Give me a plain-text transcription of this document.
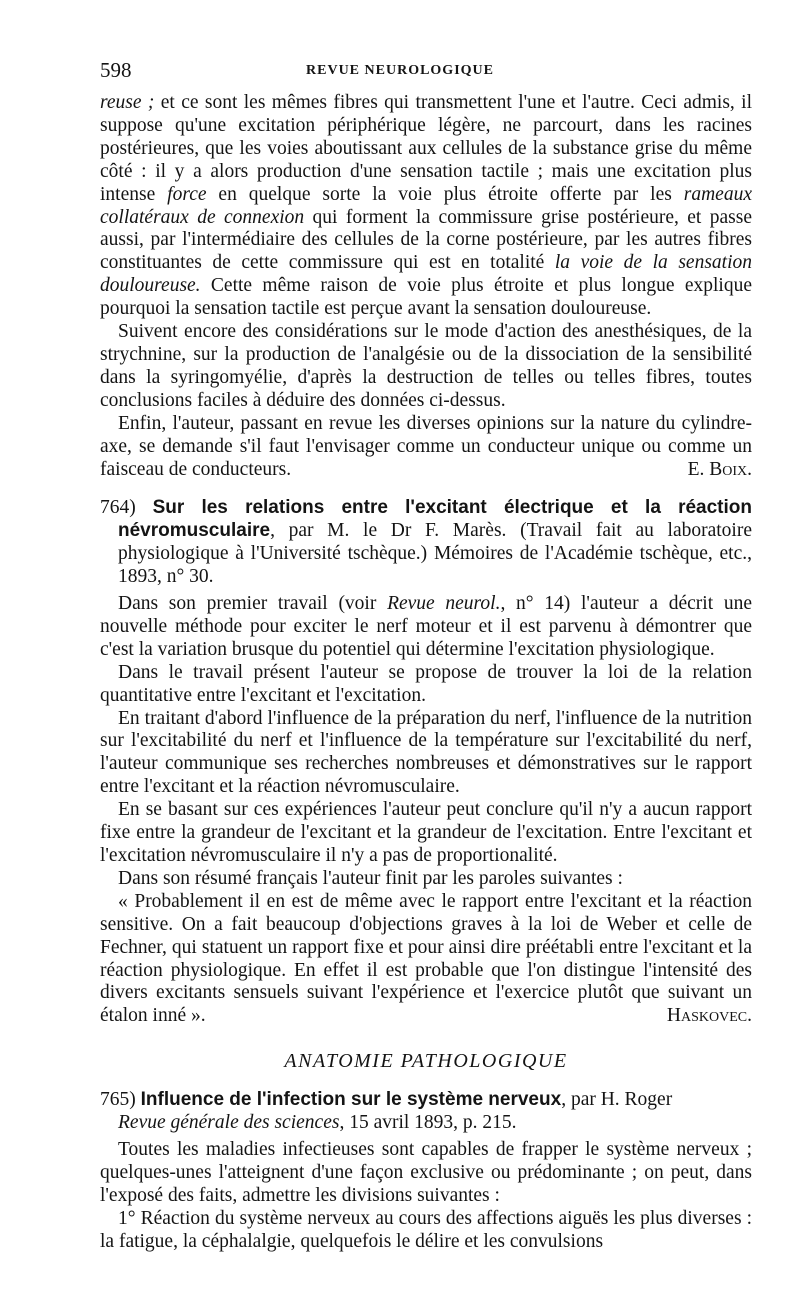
598	REVUE NEUROLOGIQUE

reuse ; et ce sont les mêmes fibres qui transmettent l'une et l'autre. Ceci admis, il suppose qu'une excitation périphérique légère, ne parcourt, dans les racines postérieures, que les voies aboutissant aux cellules de la substance grise du même côté : il y a alors production d'une sensation tactile ; mais une excitation plus intense force en quelque sorte la voie plus étroite offerte par les rameaux collatéraux de connexion qui forment la commissure grise postérieure, et passe aussi, par l'intermédiaire des cellules de la corne postérieure, par les autres fibres constituantes de cette commissure qui est en totalité la voie de la sensation douloureuse. Cette même raison de voie plus étroite et plus longue explique pourquoi la sensation tactile est perçue avant la sensation douloureuse.

Suivent encore des considérations sur le mode d'action des anesthésiques, de la strychnine, sur la production de l'analgésie ou de la dissociation de la sensibilité dans la syringomyélie, d'après la destruction de telles ou telles fibres, toutes conclusions faciles à déduire des données ci-dessus.

Enfin, l'auteur, passant en revue les diverses opinions sur la nature du cylindre-axe, se demande s'il faut l'envisager comme un conducteur unique ou comme un faisceau de conducteurs.	E. Boix.

764) Sur les relations entre l'excitant électrique et la réaction névromusculaire, par M. le Dr F. Marès. (Travail fait au laboratoire physiologique à l'Université tschèque.) Mémoires de l'Académie tschèque, etc., 1893, n° 30.

Dans son premier travail (voir Revue neurol., n° 14) l'auteur a décrit une nouvelle méthode pour exciter le nerf moteur et il est parvenu à démontrer que c'est la variation brusque du potentiel qui détermine l'excitation physiologique.

Dans le travail présent l'auteur se propose de trouver la loi de la relation quantitative entre l'excitant et l'excitation.

En traitant d'abord l'influence de la préparation du nerf, l'influence de la nutrition sur l'excitabilité du nerf et l'influence de la température sur l'excitabilité du nerf, l'auteur communique ses recherches nombreuses et démonstratives sur le rapport entre l'excitant et la réaction névromusculaire.

En se basant sur ces expériences l'auteur peut conclure qu'il n'y a aucun rapport fixe entre la grandeur de l'excitant et la grandeur de l'excitation. Entre l'excitant et l'excitation névromusculaire il n'y a pas de proportionalité.

Dans son résumé français l'auteur finit par les paroles suivantes :

« Probablement il en est de même avec le rapport entre l'excitant et la réaction sensitive. On a fait beaucoup d'objections graves à la loi de Weber et celle de Fechner, qui statuent un rapport fixe et pour ainsi dire préétabli entre l'excitant et la réaction physiologique. En effet il est probable que l'on distingue l'intensité des divers excitants sensuels suivant l'expérience et l'exercice plutôt que suivant un étalon inné ».	Haskovec.

ANATOMIE PATHOLOGIQUE

765) Influence de l'infection sur le système nerveux, par H. Roger
Revue générale des sciences, 15 avril 1893, p. 215.

Toutes les maladies infectieuses sont capables de frapper le système nerveux ; quelques-unes l'atteignent d'une façon exclusive ou prédominante ; on peut, dans l'exposé des faits, admettre les divisions suivantes :

1° Réaction du système nerveux au cours des affections aiguës les plus diverses : la fatigue, la céphalalgie, quelquefois le délire et les convulsions
